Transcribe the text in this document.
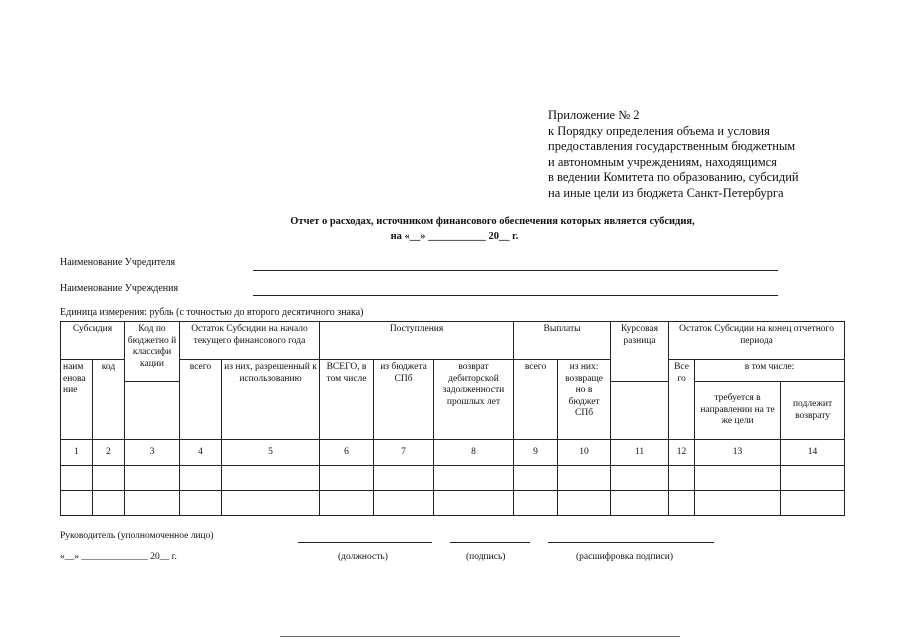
Приложение № 2
к Порядку определения объема и условия
предоставления государственным бюджетным
и автономным учреждениям, находящимся
в ведении Комитета по образованию, субсидий
на иные цели из бюджета Санкт-Петербурга
Отчет о расходах, источником финансового обеспечения которых является субсидия,
на «__» ___________ 20__ г.
Наименование Учредителя
Наименование Учреждения
Единица измерения: рубль (с точностью до второго десятичного знака)
Субсидия		Код по бюджетно й классифи кации	Остаток Субсидии на начало текущего финансового года		Поступления			Выплаты		Курсовая разница	Остаток Субсидии на конец отчетного периода		
наим енова ние	код		всего	из них, разрешенный к использованию	ВСЕГО, в том числе	из бюджета СПб	возврат дебиторской задолженности прошлых лет	всего	из них: возвраще но в бюджет СПб		Все го	в том числе:	
												требуется в направлении на те же цели	подлежит возврату
1	2	3	4	5	6	7	8	9	10	11	12	13	14

Руководитель (уполномоченное лицо)
«__» ______________ 20__ г.	(должность)	(подпись)	(расшифровка подписи)
